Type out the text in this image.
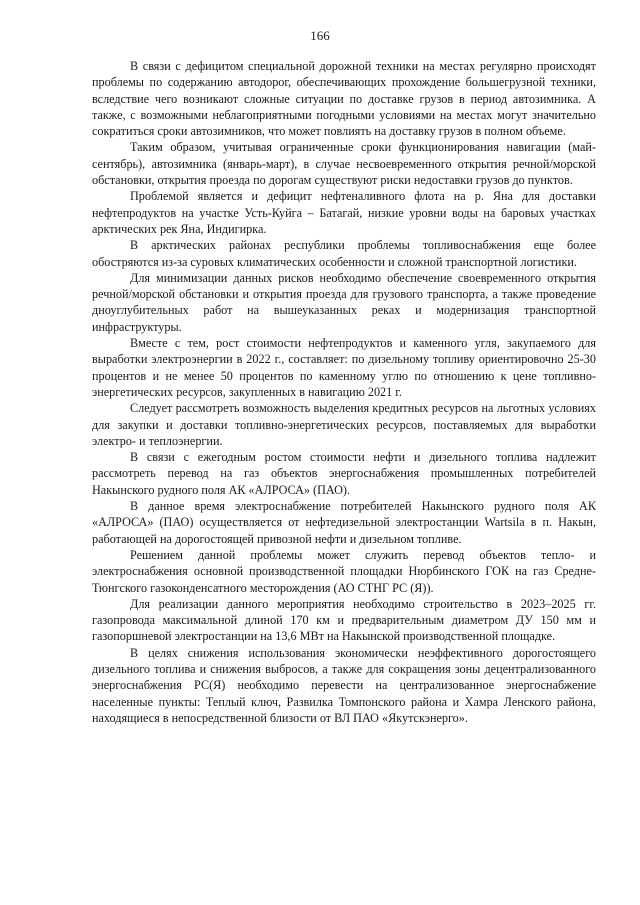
166

В связи с дефицитом специальной дорожной техники на местах регулярно происходят проблемы по содержанию автодорог, обеспечивающих прохождение большегрузной техники, вследствие чего возникают сложные ситуации по доставке грузов в период автозимника. А также, с возможными неблагоприятными погодными условиями на местах могут значительно сократиться сроки автозимников, что может повлиять на доставку грузов в полном объеме.

Таким образом, учитывая ограниченные сроки функционирования навигации (май-сентябрь), автозимника (январь-март), в случае несвоевременного открытия речной/морской обстановки, открытия проезда по дорогам существуют риски недоставки грузов до пунктов.

Проблемой является и дефицит нефтеналивного флота на р. Яна для доставки нефтепродуктов на участке Усть-Куйга – Батагай, низкие уровни воды на баровых участках арктических рек Яна, Индигирка.

В арктических районах республики проблемы топливоснабжения еще более обостряются из-за суровых климатических особенности и сложной транспортной логистики.

Для минимизации данных рисков необходимо обеспечение своевременного открытия речной/морской обстановки и открытия проезда для грузового транспорта, а также проведение дноуглубительных работ на вышеуказанных реках и модернизация транспортной инфраструктуры.

Вместе с тем, рост стоимости нефтепродуктов и каменного угля, закупаемого для выработки электроэнергии в 2022 г., составляет: по дизельному топливу ориентировочно 25-30 процентов и не менее 50 процентов по каменному углю по отношению к цене топливно-энергетических ресурсов, закупленных в навигацию 2021 г.

Следует рассмотреть возможность выделения кредитных ресурсов на льготных условиях для закупки и доставки топливно-энергетических ресурсов, поставляемых для выработки электро- и теплоэнергии.

В связи с ежегодным ростом стоимости нефти и дизельного топлива надлежит рассмотреть перевод на газ объектов энергоснабжения промышленных потребителей Накынского рудного поля АК «АЛРОСА» (ПАО).

В данное время электроснабжение потребителей Накынского рудного поля АК «АЛРОСА» (ПАО) осуществляется от нефтедизельной электростанции Wartsila в п. Накын, работающей на дорогостоящей привозной нефти и дизельном топливе.

Решением данной проблемы может служить перевод объектов тепло- и электроснабжения основной производственной площадки Нюрбинского ГОК на газ Средне-Тюнгского газоконденсатного месторождения (АО СТНГ РС (Я)).

Для реализации данного мероприятия необходимо строительство в 2023–2025 гг. газопровода максимальной длиной 170 км и предварительным диаметром ДУ 150 мм и газопоршневой электростанции на 13,6 МВт на Накынской производственной площадке.

В целях снижения использования экономически неэффективного дорогостоящего дизельного топлива и снижения выбросов, а также для сокращения зоны децентрализованного энергоснабжения РС(Я) необходимо перевести на централизованное энергоснабжение населенные пункты: Теплый ключ, Развилка Томпонского района и Хамра Ленского района, находящиеся в непосредственной близости от ВЛ ПАО «Якутскэнерго».
